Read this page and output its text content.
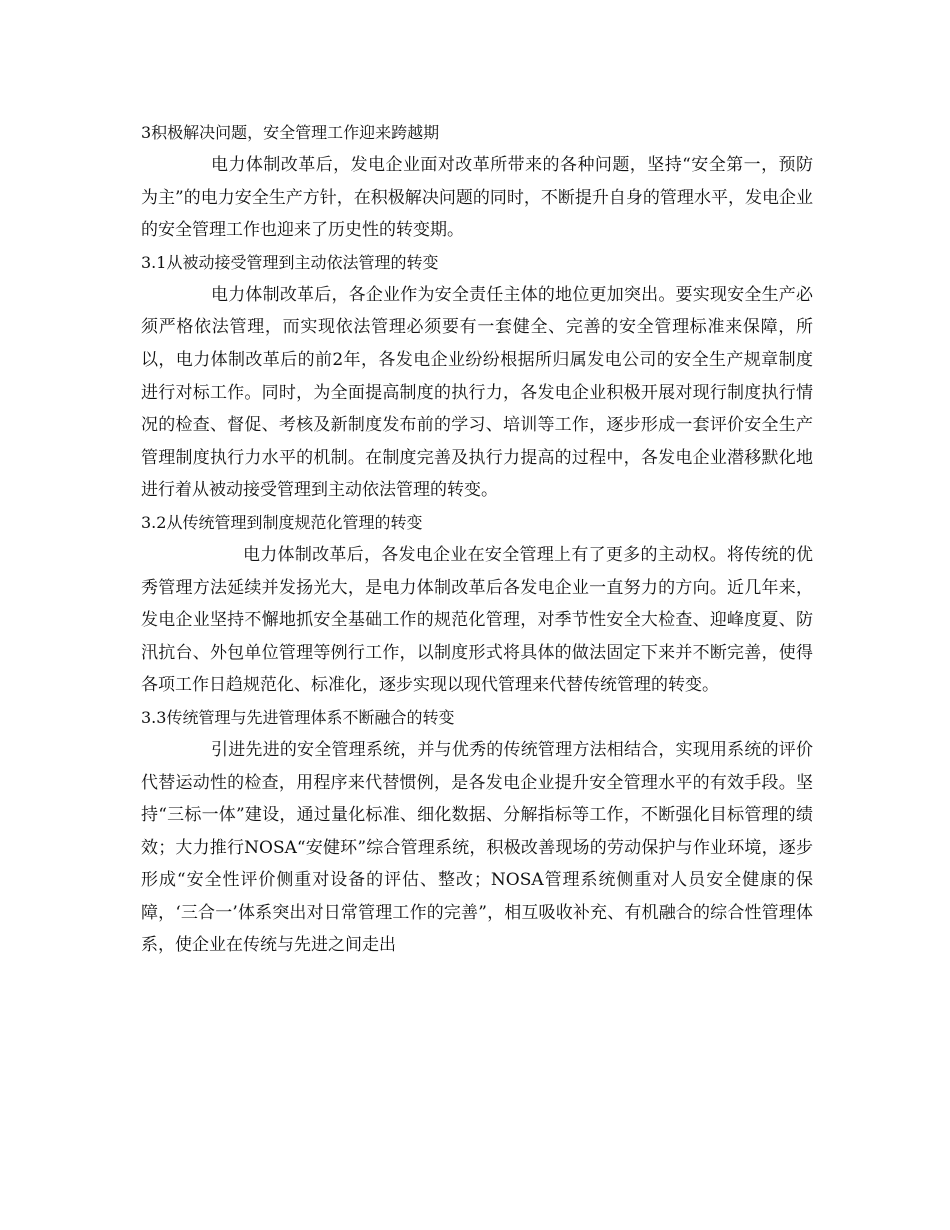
3积极解决问题，安全管理工作迎来跨越期

电力体制改革后，发电企业面对改革所带来的各种问题，坚持“安全第一，预防为主”的电力安全生产方针，在积极解决问题的同时，不断提升自身的管理水平，发电企业的安全管理工作也迎来了历史性的转变期。

3.1从被动接受管理到主动依法管理的转变

电力体制改革后，各企业作为安全责任主体的地位更加突出。要实现安全生产必须严格依法管理，而实现依法管理必须要有一套健全、完善的安全管理标准来保障，所以，电力体制改革后的前2年，各发电企业纷纷根据所归属发电公司的安全生产规章制度进行对标工作。同时，为全面提高制度的执行力，各发电企业积极开展对现行制度执行情况的检查、督促、考核及新制度发布前的学习、培训等工作，逐步形成一套评价安全生产管理制度执行力水平的机制。在制度完善及执行力提高的过程中，各发电企业潜移默化地进行着从被动接受管理到主动依法管理的转变。

3.2从传统管理到制度规范化管理的转变

电力体制改革后，各发电企业在安全管理上有了更多的主动权。将传统的优秀管理方法延续并发扬光大，是电力体制改革后各发电企业一直努力的方向。近几年来，发电企业坚持不懈地抓安全基础工作的规范化管理，对季节性安全大检查、迎峰度夏、防汛抗台、外包单位管理等例行工作，以制度形式将具体的做法固定下来并不断完善，使得各项工作日趋规范化、标准化，逐步实现以现代管理来代替传统管理的转变。

3.3传统管理与先进管理体系不断融合的转变

引进先进的安全管理系统，并与优秀的传统管理方法相结合，实现用系统的评价代替运动性的检查，用程序来代替惯例，是各发电企业提升安全管理水平的有效手段。坚持“三标一体”建设，通过量化标准、细化数据、分解指标等工作，不断强化目标管理的绩效；大力推行NOSA“安健环”综合管理系统，积极改善现场的劳动保护与作业环境，逐步形成“安全性评价侧重对设备的评估、整改；NOSA管理系统侧重对人员安全健康的保障，‘三合一’体系突出对日常管理工作的完善”，相互吸收补充、有机融合的综合性管理体系，使企业在传统与先进之间走出
